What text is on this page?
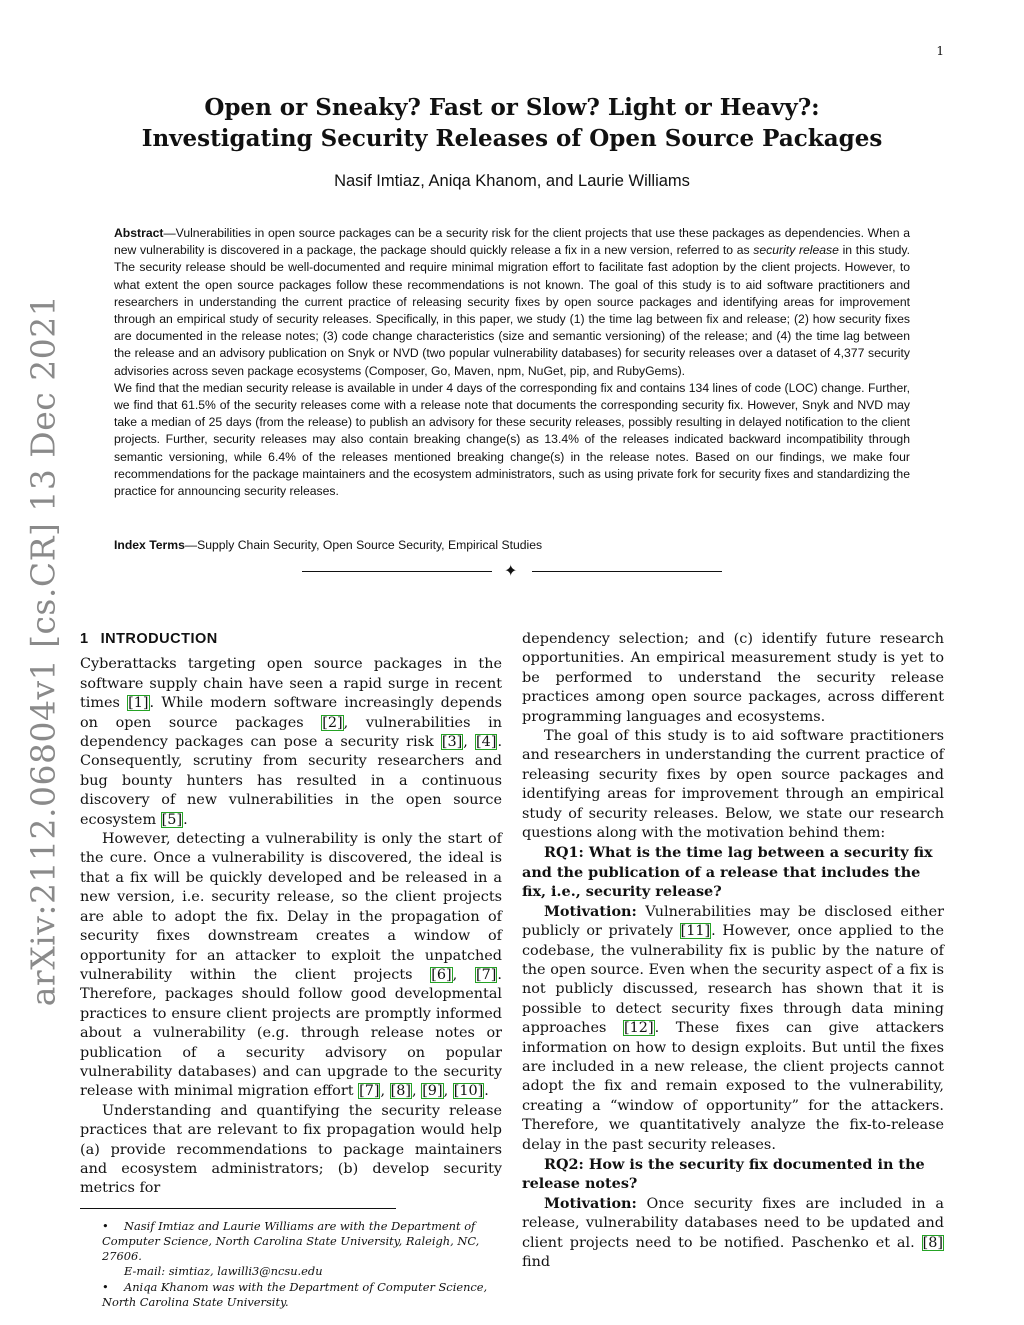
1
arXiv:2112.06804v1 [cs.CR] 13 Dec 2021
Open or Sneaky? Fast or Slow? Light or Heavy?:
Investigating Security Releases of Open Source Packages
Nasif Imtiaz, Aniqa Khanom, and Laurie Williams

Abstract—Vulnerabilities in open source packages can be a security risk for the client projects that use these packages as dependencies. When a new vulnerability is discovered in a package, the package should quickly release a fix in a new version, referred to as security release in this study. The security release should be well-documented and require minimal migration effort to facilitate fast adoption by the client projects. However, to what extent the open source packages follow these recommendations is not known. The goal of this study is to aid software practitioners and researchers in understanding the current practice of releasing security fixes by open source packages and identifying areas for improvement through an empirical study of security releases. Specifically, in this paper, we study (1) the time lag between fix and release; (2) how security fixes are documented in the release notes; (3) code change characteristics (size and semantic versioning) of the release; and (4) the time lag between the release and an advisory publication on Snyk or NVD (two popular vulnerability databases) for security releases over a dataset of 4,377 security advisories across seven package ecosystems (Composer, Go, Maven, npm, NuGet, pip, and RubyGems).

We find that the median security release is available in under 4 days of the corresponding fix and contains 134 lines of code (LOC) change. Further, we find that 61.5% of the security releases come with a release note that documents the corresponding security fix. However, Snyk and NVD may take a median of 25 days (from the release) to publish an advisory for these security releases, possibly resulting in delayed notification to the client projects. Further, security releases may also contain breaking change(s) as 13.4% of the releases indicated backward incompatibility through semantic versioning, while 6.4% of the releases mentioned breaking change(s) in the release notes. Based on our findings, we make four recommendations for the package maintainers and the ecosystem administrators, such as using private fork for security fixes and standardizing the practice for announcing security releases.

Index Terms—Supply Chain Security, Open Source Security, Empirical Studies
✦
1 INTRODUCTION

Cyberattacks targeting open source packages in the software supply chain have seen a rapid surge in recent times [1]. While modern software increasingly depends on open source packages [2], vulnerabilities in dependency packages can pose a security risk [3], [4]. Consequently, scrutiny from security researchers and bug bounty hunters has resulted in a continuous discovery of new vulnerabilities in the open source ecosystem [5].

However, detecting a vulnerability is only the start of the cure. Once a vulnerability is discovered, the ideal is that a fix will be quickly developed and be released in a new version, i.e. security release, so the client projects are able to adopt the fix. Delay in the propagation of security fixes downstream creates a window of opportunity for an attacker to exploit the unpatched vulnerability within the client projects [6], [7]. Therefore, packages should follow good developmental practices to ensure client projects are promptly informed about a vulnerability (e.g. through release notes or publication of a security advisory on popular vulnerability databases) and can upgrade to the security release with minimal migration effort [7], [8], [9], [10].

Understanding and quantifying the security release practices that are relevant to fix propagation would help (a) provide recommendations to package maintainers and ecosystem administrators; (b) develop security metrics for

• Nasif Imtiaz and Laurie Williams are with the Department of Computer Science, North Carolina State University, Raleigh, NC, 27606.

E-mail: simtiaz, lawilli3@ncsu.edu

• Aniqa Khanom was with the Department of Computer Science, North Carolina State University.

dependency selection; and (c) identify future research opportunities. An empirical measurement study is yet to be performed to understand the security release practices among open source packages, across different programming languages and ecosystems.

The goal of this study is to aid software practitioners and researchers in understanding the current practice of releasing security fixes by open source packages and identifying areas for improvement through an empirical study of security releases. Below, we state our research questions along with the motivation behind them:

RQ1: What is the time lag between a security fix and the publication of a release that includes the fix, i.e., security release?

Motivation: Vulnerabilities may be disclosed either publicly or privately [11]. However, once applied to the codebase, the vulnerability fix is public by the nature of the open source. Even when the security aspect of a fix is not publicly discussed, research has shown that it is possible to detect security fixes through data mining approaches [12]. These fixes can give attackers information on how to design exploits. But until the fixes are included in a new release, the client projects cannot adopt the fix and remain exposed to the vulnerability, creating a “window of opportunity” for the attackers. Therefore, we quantitatively analyze the fix-to-release delay in the past security releases.

RQ2: How is the security fix documented in the release notes?

Motivation: Once security fixes are included in a release, vulnerability databases need to be updated and client projects need to be notified. Paschenko et al. [8] find
